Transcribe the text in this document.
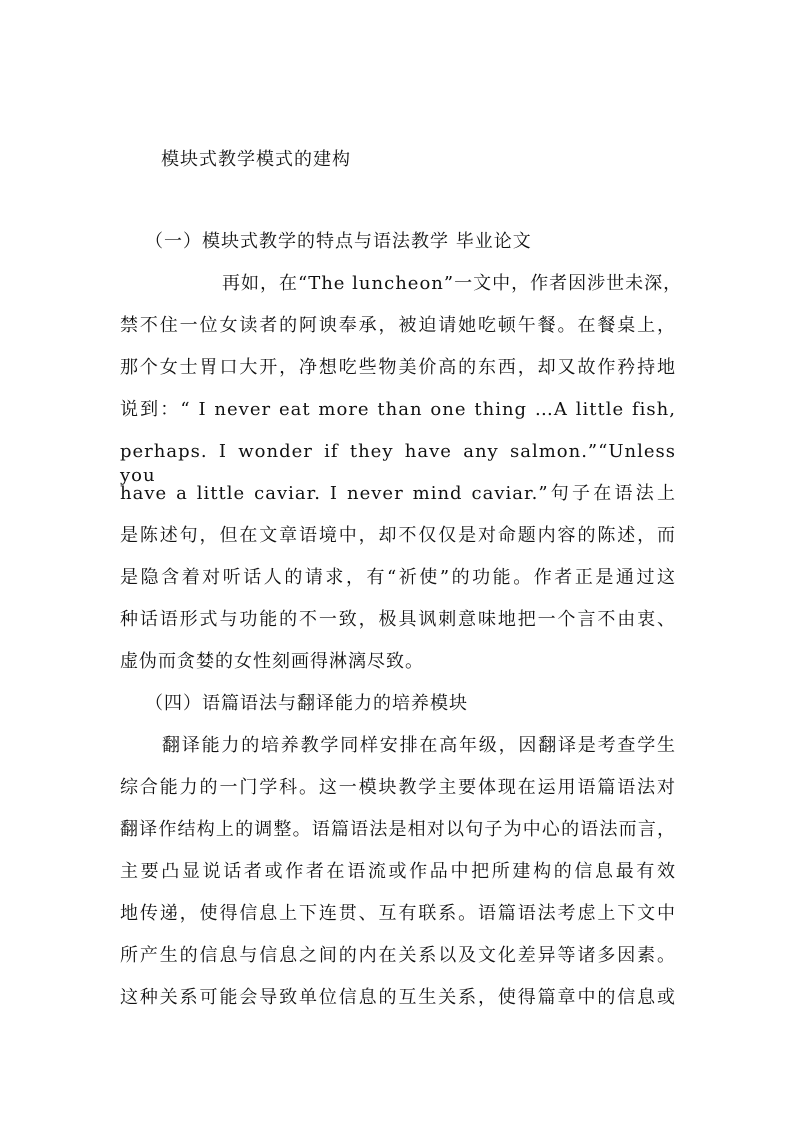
模块式教学模式的建构
（一）模块式教学的特点与语法教学 毕业论文
再如，在“The luncheon”一文中，作者因涉世未深，
禁不住一位女读者的阿谀奉承，被迫请她吃顿午餐。在餐桌上，
那个女士胃口大开，净想吃些物美价高的东西，却又故作矜持地
说到：“ I never eat more than one thing …A little fish,
perhaps. I wonder if they have any salmon.”“Unless you
have a little caviar. I never mind caviar.”句子在语法上
是陈述句，但在文章语境中，却不仅仅是对命题内容的陈述，而
是隐含着对听话人的请求，有“祈使”的功能。作者正是通过这
种话语形式与功能的不一致，极具讽刺意味地把一个言不由衷、
虚伪而贪婪的女性刻画得淋漓尽致。
（四）语篇语法与翻译能力的培养模块
翻译能力的培养教学同样安排在高年级，因翻译是考查学生
综合能力的一门学科。这一模块教学主要体现在运用语篇语法对
翻译作结构上的调整。语篇语法是相对以句子为中心的语法而言，
主要凸显说话者或作者在语流或作品中把所建构的信息最有效
地传递，使得信息上下连贯、互有联系。语篇语法考虑上下文中
所产生的信息与信息之间的内在关系以及文化差异等诸多因素。
这种关系可能会导致单位信息的互生关系，使得篇章中的信息或
